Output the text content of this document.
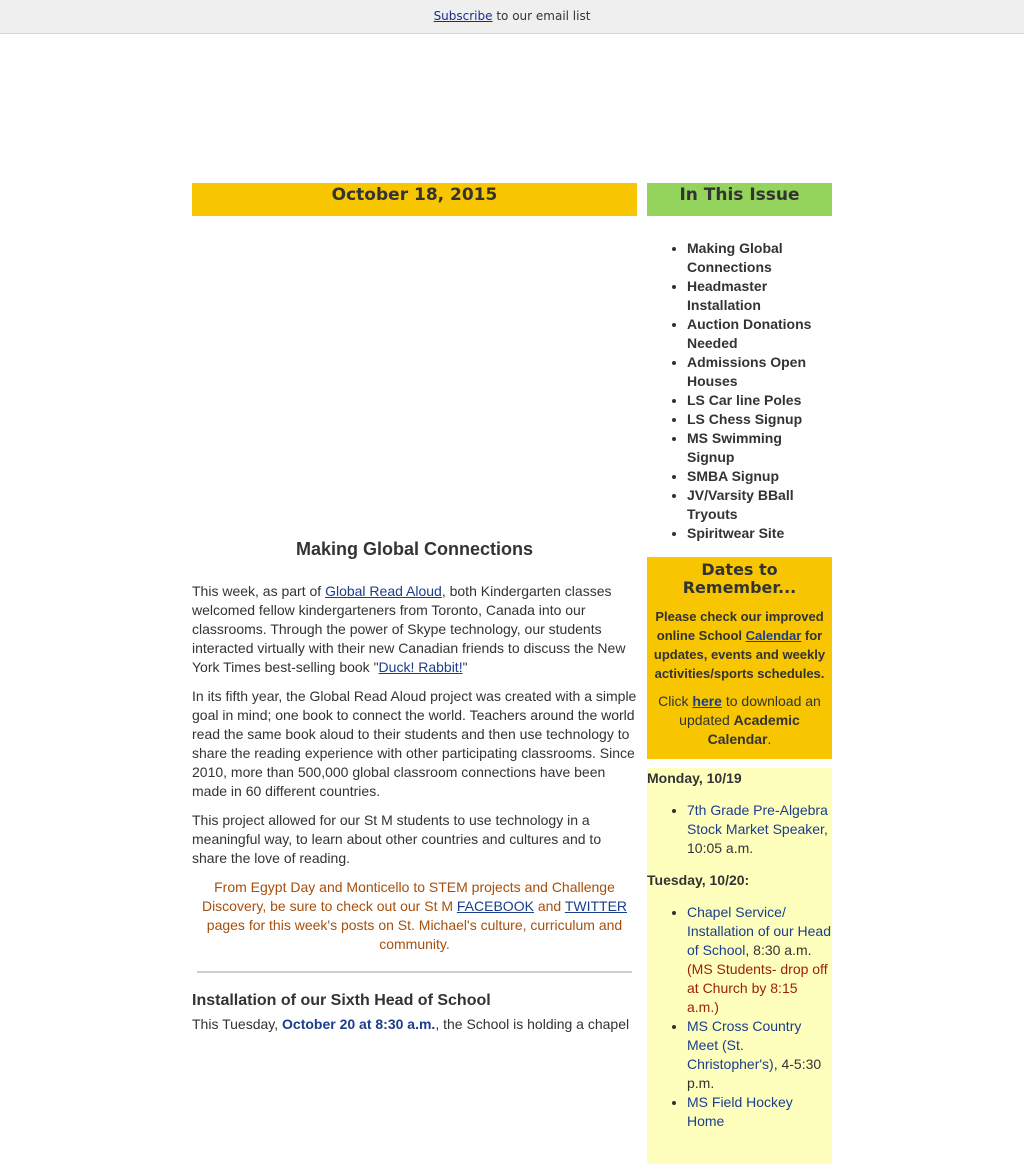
Subscribe to our email list
October 18, 2015
Making Global Connections

This week, as part of Global Read Aloud, both Kindergarten classes welcomed fellow kindergarteners from Toronto, Canada into our classrooms. Through the power of Skype technology, our students interacted virtually with their new Canadian friends to discuss the New York Times best-selling book "Duck! Rabbit!"

In its fifth year, the Global Read Aloud project was created with a simple goal in mind; one book to connect the world. Teachers around the world read the same book aloud to their students and then use technology to share the reading experience with other participating classrooms. Since 2010, more than 500,000 global classroom connections have been made in 60 different countries.

This project allowed for our St M students to use technology in a meaningful way, to learn about other countries and cultures and to share the love of reading.

From Egypt Day and Monticello to STEM projects and Challenge Discovery, be sure to check out our St M FACEBOOK and TWITTER pages for this week's posts on St. Michael's culture, curriculum and community.

Installation of our Sixth Head of School

This Tuesday, October 20 at 8:30 a.m., the School is holding a chapel

In This Issue
• Making Global Connections
• Headmaster Installation
• Auction Donations Needed
• Admissions Open Houses
• LS Car line Poles
• LS Chess Signup
• MS Swimming Signup
• SMBA Signup
• JV/Varsity BBall Tryouts
• Spiritwear Site
Dates to Remember...
Please check our improved online School Calendar for updates, events and weekly activities/sports schedules.
Click here to download an updated Academic Calendar.
Monday, 10/19
• 7th Grade Pre-Algebra Stock Market Speaker, 10:05 a.m.
Tuesday, 10/20:
• Chapel Service/ Installation of our Head of School, 8:30 a.m. (MS Students- drop off at Church by 8:15 a.m.)
• MS Cross Country Meet (St. Christopher's), 4-5:30 p.m.
• MS Field Hockey Home
